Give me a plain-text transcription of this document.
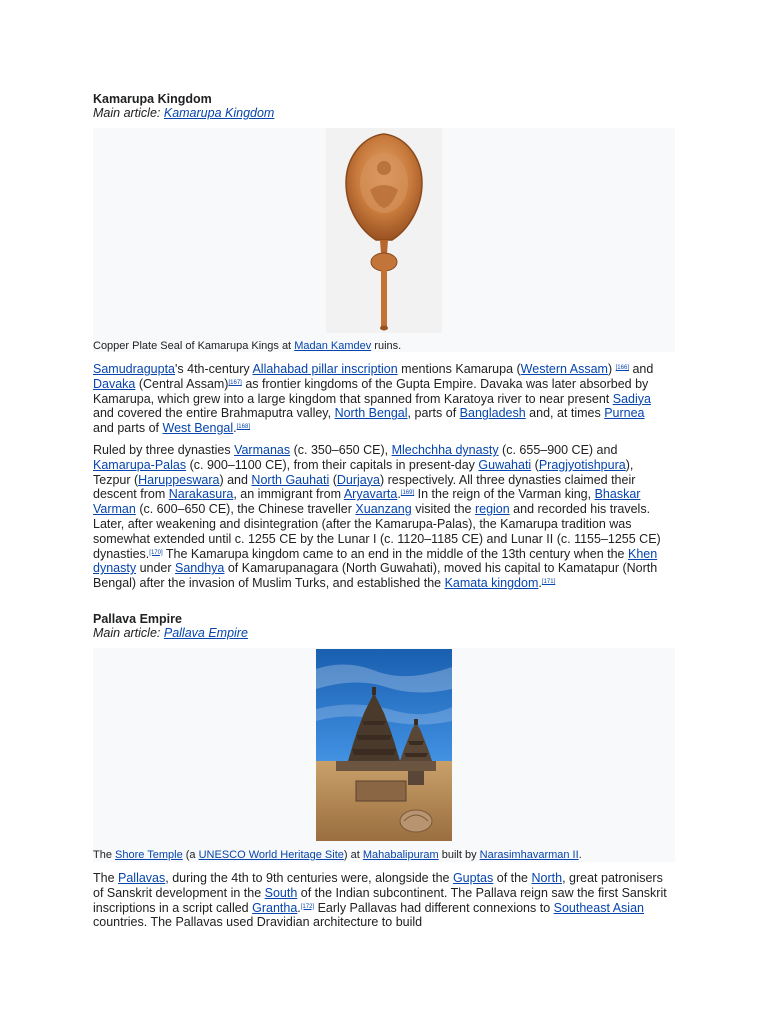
Kamarupa Kingdom
Main article: Kamarupa Kingdom
Copper Plate Seal of Kamarupa Kings at Madan Kamdev ruins.
Samudragupta's 4th-century Allahabad pillar inscription mentions Kamarupa (Western Assam) [166] and Davaka (Central Assam)[167] as frontier kingdoms of the Gupta Empire. Davaka was later absorbed by Kamarupa, which grew into a large kingdom that spanned from Karatoya river to near present Sadiya and covered the entire Brahmaputra valley, North Bengal, parts of Bangladesh and, at times Purnea and parts of West Bengal.[168]
Ruled by three dynasties Varmanas (c. 350–650 CE), Mlechchha dynasty (c. 655–900 CE) and Kamarupa-Palas (c. 900–1100 CE), from their capitals in present-day Guwahati (Pragjyotishpura), Tezpur (Haruppeswara) and North Gauhati (Durjaya) respectively. All three dynasties claimed their descent from Narakasura, an immigrant from Aryavarta.[169] In the reign of the Varman king, Bhaskar Varman (c. 600–650 CE), the Chinese traveller Xuanzang visited the region and recorded his travels. Later, after weakening and disintegration (after the Kamarupa-Palas), the Kamarupa tradition was somewhat extended until c. 1255 CE by the Lunar I (c. 1120–1185 CE) and Lunar II (c. 1155–1255 CE) dynasties.[170] The Kamarupa kingdom came to an end in the middle of the 13th century when the Khen dynasty under Sandhya of Kamarupanagara (North Guwahati), moved his capital to Kamatapur (North Bengal) after the invasion of Muslim Turks, and established the Kamata kingdom.[171]
Pallava Empire
Main article: Pallava Empire
The Shore Temple (a UNESCO World Heritage Site) at Mahabalipuram built by Narasimhavarman II.
The Pallavas, during the 4th to 9th centuries were, alongside the Guptas of the North, great patronisers of Sanskrit development in the South of the Indian subcontinent. The Pallava reign saw the first Sanskrit inscriptions in a script called Grantha.[172] Early Pallavas had different connexions to Southeast Asian countries. The Pallavas used Dravidian architecture to build
